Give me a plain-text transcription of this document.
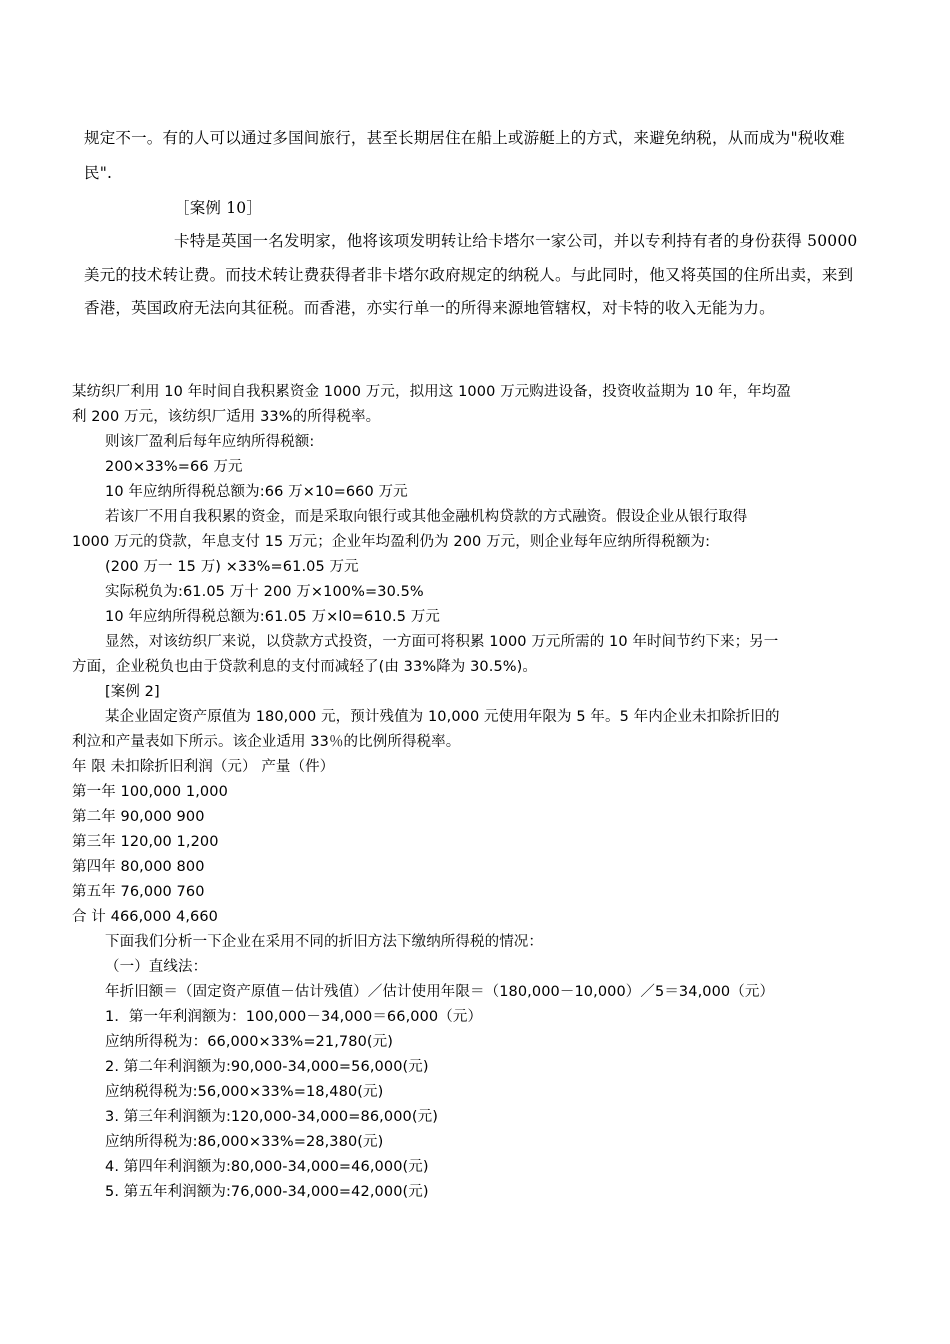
规定不一。有的人可以通过多国间旅行，甚至长期居住在船上或游艇上的方式，来避免纳税，从而成为"税收难
民".
［案例 10］
卡特是英国一名发明家，他将该项发明转让给卡塔尔一家公司，并以专利持有者的身份获得 50000
美元的技术转让费。而技术转让费获得者非卡塔尔政府规定的纳税人。与此同时，他又将英国的住所出卖，来到
香港，英国政府无法向其征税。而香港，亦实行单一的所得来源地管辖权，对卡特的收入无能为力。
某纺织厂利用 10 年时间自我积累资金 1000 万元，拟用这 1000 万元购进设备，投资收益期为 10 年，年均盈
利 200 万元，该纺织厂适用 33%的所得税率。
则该厂盈利后每年应纳所得税额:
200×33%=66 万元
10 年应纳所得税总额为:66 万×10=660 万元
若该厂不用自我积累的资金，而是采取向银行或其他金融机构贷款的方式融资。假设企业从银行取得
1000 万元的贷款，年息支付 15 万元；企业年均盈利仍为 200 万元，则企业每年应纳所得税额为:
(200 万一 15 万) ×33%=61.05 万元
实际税负为:61.05 万十 200 万×100%=30.5%
10 年应纳所得税总额为:61.05 万×l0=610.5 万元
显然，对该纺织厂来说，以贷款方式投资，一方面可将积累 1000 万元所需的 10 年时间节约下来；另一
方面，企业税负也由于贷款利息的支付而减轻了(由 33%降为 30.5%)。
[案例 2]
某企业固定资产原值为 180,000 元，预计残值为 10,000 元使用年限为 5 年。5 年内企业未扣除折旧的
利泣和产量表如下所示。该企业适用 33％的比例所得税率。
年 限 未扣除折旧利润（元） 产量（件）
第一年 100,000 1,000
第二年 90,000 900
第三年 120,00 1,200
第四年 80,000 800
第五年 76,000 760
合 计 466,000 4,660
下面我们分析一下企业在采用不同的折旧方法下缴纳所得税的情况：
（一）直线法：
年折旧额＝（固定资产原值－估计残值）／估计使用年限＝（180,000－10,000）／5＝34,000（元）
1．第一年利润额为：100,000－34,000＝66,000（元）
应纳所得税为：66,000×33%=21,780(元)
2. 第二年利润额为:90,000-34,000=56,000(元)
应纳税得税为:56,000×33%=18,480(元)
3. 第三年利润额为:120,000-34,000=86,000(元)
应纳所得税为:86,000×33%=28,380(元)
4. 第四年利润额为:80,000-34,000=46,000(元)
5. 第五年利润额为:76,000-34,000=42,000(元)
